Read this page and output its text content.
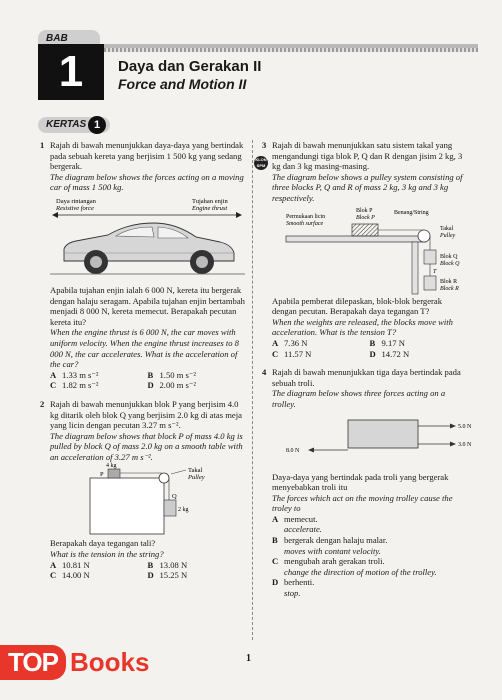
BAB
1	Daya dan Gerakan II
Force and Motion II
KERTAS 1
1 Rajah di bawah menunjukkan daya-daya yang bertindak pada sebuah kereta yang berjisim 1 500 kg yang sedang bergerak.
The diagram below shows the forces acting on a moving car of mass 1 500 kg.
Daya rintangan
Resistive force
Tujahan enjin
Engine thrust
Apabila tujahan enjin ialah 6 000 N, kereta itu bergerak dengan halaju seragam. Apabila tujahan enjin bertambah menjadi 8 000 N, kereta memecut. Berapakah pecutan kereta itu?
When the engine thrust is 6 000 N, the car moves with uniform velocity. When the engine thrust increases to 8 000 N, the car accelerates. What is the acceleration of the car?
A 1.33 m s⁻²	B 1.50 m s⁻²
C 1.82 m s⁻²	D 2.00 m s⁻²
2 Rajah di bawah menunjukkan blok P yang berjisim 4.0 kg ditarik oleh blok Q yang berjisim 2.0 kg di atas meja yang licin dengan pecutan 3.27 m s⁻².
The diagram below shows that block P of mass 4.0 kg is pulled by block Q of mass 2.0 kg on a smooth table with an acceleration of 3.27 m s⁻².
4 kg
P
Takal
Pulley
Q
2 kg
Berapakah daya tegangan tali?
What is the tension in the string?
A 10.81 N	B 13.08 N
C 14.00 N	D 15.25 N
KLON SPM
3 Rajah di bawah menunjukkan satu sistem takal yang mengandungi tiga blok P, Q dan R dengan jisim 2 kg, 3 kg dan 3 kg masing-masing.
The diagram below shows a pulley system consisting of three blocks P, Q and R of mass 2 kg, 3 kg and 3 kg respectively.
Permukaan licin
Smooth surface
Blok P
Block P
Benang/String
Takal
Pulley
Blok Q
Block Q
T
Blok R
Block R
Apabila pemberat dilepaskan, blok-blok bergerak dengan pecutan. Berapakah daya tegangan T?
When the weights are released, the blocks move with acceleration. What is the tension T?
A 7.36 N	B 9.17 N
C 11.57 N	D 14.72 N
4 Rajah di bawah menunjukkan tiga daya bertindak pada sebuah troli.
The diagram below shows three forces acting on a trolley.
5.0 N
3.0 N
8.0 N
Daya-daya yang bertindak pada troli yang bergerak menyebabkan troli itu
The forces which act on the moving trolley cause the troley to
A memecut.
accelerate.
B bergerak dengan halaju malar.
moves with contant velocity.
C mengubah arah gerakan troli.
change the direction of motion of the trolley.
D berhenti.
stop.
1
TOP Books
